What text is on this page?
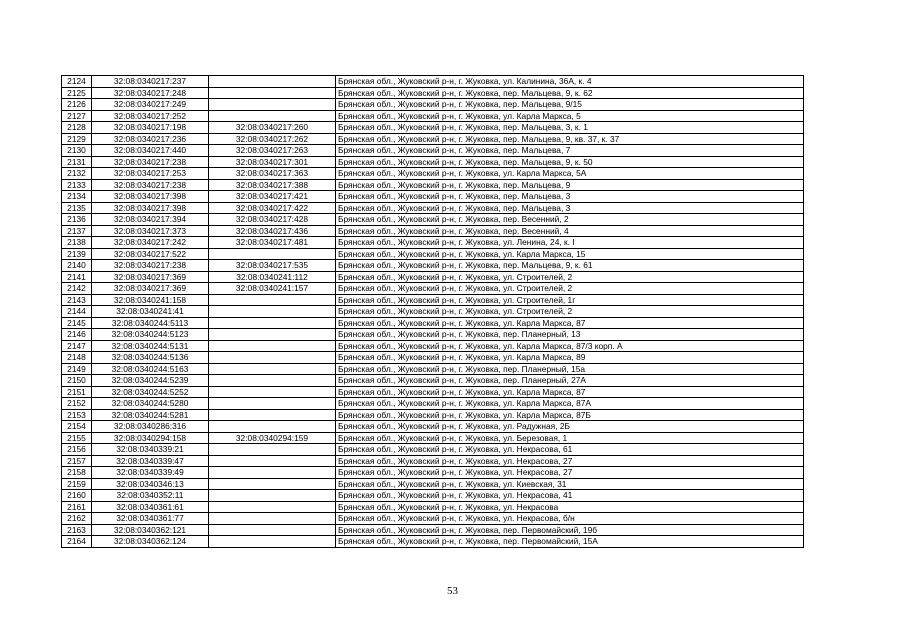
2124	32:08:0340217:237		Брянская обл., Жуковский р-н, г. Жуковка, ул. Калинина, 36А, к. 4
2125	32:08:0340217:248		Брянская обл., Жуковский р-н, г. Жуковка, пер. Мальцева, 9, к. 62
2126	32:08:0340217:249		Брянская обл., Жуковский р-н, г. Жуковка, пер. Мальцева, 9/15
2127	32:08:0340217:252		Брянская обл., Жуковский р-н, г. Жуковка, ул. Карла Маркса, 5
2128	32:08:0340217:198	32:08:0340217:260	Брянская обл., Жуковский р-н, г. Жуковка, пер. Мальцева, 3, к. 1
2129	32:08:0340217:236	32:08:0340217:262	Брянская обл., Жуковский р-н, г. Жуковка, пер. Мальцева, 9, кв. 37, к. 37
2130	32:08:0340217:440	32:08:0340217:263	Брянская обл., Жуковский р-н, г. Жуковка, пер. Мальцева, 7
2131	32:08:0340217:238	32:08:0340217:301	Брянская обл., Жуковский р-н, г. Жуковка, пер. Мальцева, 9, к. 50
2132	32:08:0340217:253	32:08:0340217:363	Брянская обл., Жуковский р-н, г. Жуковка, ул. Карла Маркса, 5А
2133	32:08:0340217:238	32:08:0340217:388	Брянская обл., Жуковский р-н, г. Жуковка, пер. Мальцева, 9
2134	32:08:0340217:398	32:08:0340217:421	Брянская обл., Жуковский р-н, г. Жуковка, пер. Мальцева, 3
2135	32:08:0340217:398	32:08:0340217:422	Брянская обл., Жуковский р-н, г. Жуковка, пер. Мальцева, 3
2136	32:08:0340217:394	32:08:0340217:428	Брянская обл., Жуковский р-н, г. Жуковка, пер. Весенний, 2
2137	32:08:0340217:373	32:08:0340217:436	Брянская обл., Жуковский р-н, г. Жуковка, пер. Весенний, 4
2138	32:08:0340217:242	32:08:0340217:481	Брянская обл., Жуковский р-н, г. Жуковка, ул. Ленина, 24, к. I
2139	32:08:0340217:522		Брянская обл., Жуковский р-н, г. Жуковка, ул. Карла Маркса, 15
2140	32:08:0340217:238	32:08:0340217:535	Брянская обл., Жуковский р-н, г. Жуковка, пер. Мальцева, 9, к. 61
2141	32:08:0340217:369	32:08:0340241:112	Брянская обл., Жуковский р-н, г. Жуковка, ул. Строителей, 2
2142	32:08:0340217:369	32:08:0340241:157	Брянская обл., Жуковский р-н, г. Жуковка, ул. Строителей, 2
2143	32:08:0340241:158		Брянская обл., Жуковский р-н, г. Жуковка, ул. Строителей, 1г
2144	32:08:0340241:41		Брянская обл., Жуковский р-н, г. Жуковка, ул. Строителей, 2
2145	32:08:0340244:5113		Брянская обл., Жуковский р-н, г. Жуковка, ул. Карла Маркса, 87
2146	32:08:0340244:5123		Брянская обл., Жуковский р-н, г. Жуковка, пер. Планерный, 13
2147	32:08:0340244:5131		Брянская обл., Жуковский р-н, г. Жуковка, ул. Карла Маркса, 87/3 корп. А
2148	32:08:0340244:5136		Брянская обл., Жуковский р-н, г. Жуковка, ул. Карла Маркса, 89
2149	32:08:0340244:5163		Брянская обл., Жуковский р-н, г. Жуковка, пер. Планерный, 15а
2150	32:08:0340244:5239		Брянская обл., Жуковский р-н, г. Жуковка, пер. Планерный, 27А
2151	32:08:0340244:5252		Брянская обл., Жуковский р-н, г. Жуковка, ул. Карла Маркса, 87
2152	32:08:0340244:5280		Брянская обл., Жуковский р-н, г. Жуковка, ул. Карла Маркса, 87А
2153	32:08:0340244:5281		Брянская обл., Жуковский р-н, г. Жуковка, ул. Карла Маркса, 87Б
2154	32:08:0340286:316		Брянская обл., Жуковский р-н, г. Жуковка, ул. Радужная, 2Б
2155	32:08:0340294:158	32:08:0340294:159	Брянская обл., Жуковский р-н, г. Жуковка, ул. Березовая, 1
2156	32:08:0340339:21		Брянская обл., Жуковский р-н, г. Жуковка, ул. Некрасова, 61
2157	32:08:0340339:47		Брянская обл., Жуковский р-н, г. Жуковка, ул. Некрасова, 27
2158	32:08:0340339:49		Брянская обл., Жуковский р-н, г. Жуковка, ул. Некрасова, 27
2159	32:08:0340346:13		Брянская обл., Жуковский р-н, г. Жуковка, ул. Киевская, 31
2160	32:08:0340352:11		Брянская обл., Жуковский р-н, г. Жуковка, ул. Некрасова, 41
2161	32:08:0340361:61		Брянская обл., Жуковский р-н, г. Жуковка, ул. Некрасова
2162	32:08:0340361:77		Брянская обл., Жуковский р-н, г. Жуковка, ул. Некрасова, б/н
2163	32:08:0340362:121		Брянская обл., Жуковский р-н, г. Жуковка, пер. Первомайский, 19б
2164	32:08:0340362:124		Брянская обл., Жуковский р-н, г. Жуковка, пер. Первомайский, 15А
53
